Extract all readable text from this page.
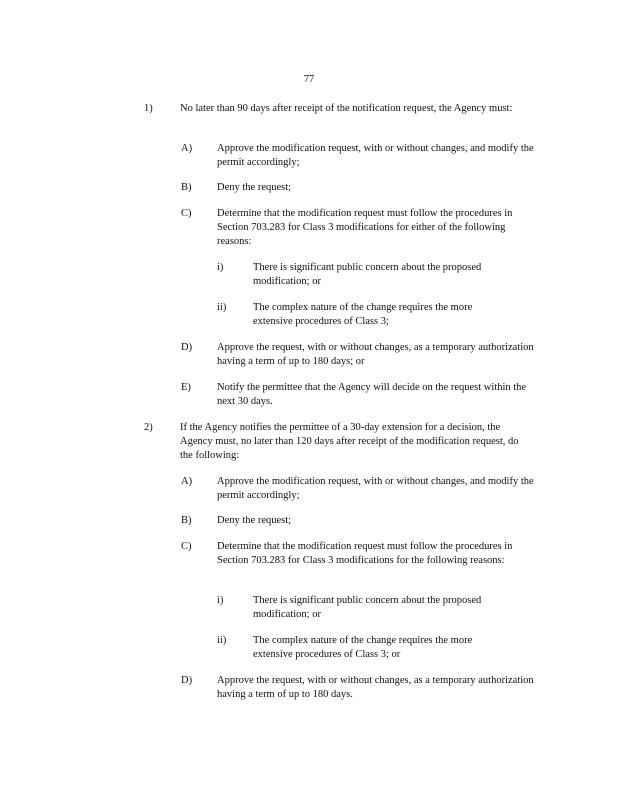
77
1)	No later than 90 days after receipt of the notification request, the Agency must:
A) Approve the modification request, with or without changes, and modify the permit accordingly;
B) Deny the request;
C) Determine that the modification request must follow the procedures in Section 703.283 for Class 3 modifications for either of the following reasons:
i)	There is significant public concern about the proposed modification; or
ii)	The complex nature of the change requires the more extensive procedures of Class 3;
D) Approve the request, with or without changes, as a temporary authorization having a term of up to 180 days; or
E) Notify the permittee that the Agency will decide on the request within the next 30 days.
2)	If the Agency notifies the permittee of a 30-day extension for a decision, the Agency must, no later than 120 days after receipt of the modification request, do the following:
A) Approve the modification request, with or without changes, and modify the permit accordingly;
B) Deny the request;
C) Determine that the modification request must follow the procedures in Section 703.283 for Class 3 modifications for the following reasons:
i)	There is significant public concern about the proposed modification; or
ii)	The complex nature of the change requires the more extensive procedures of Class 3; or
D) Approve the request, with or without changes, as a temporary authorization having a term of up to 180 days.
